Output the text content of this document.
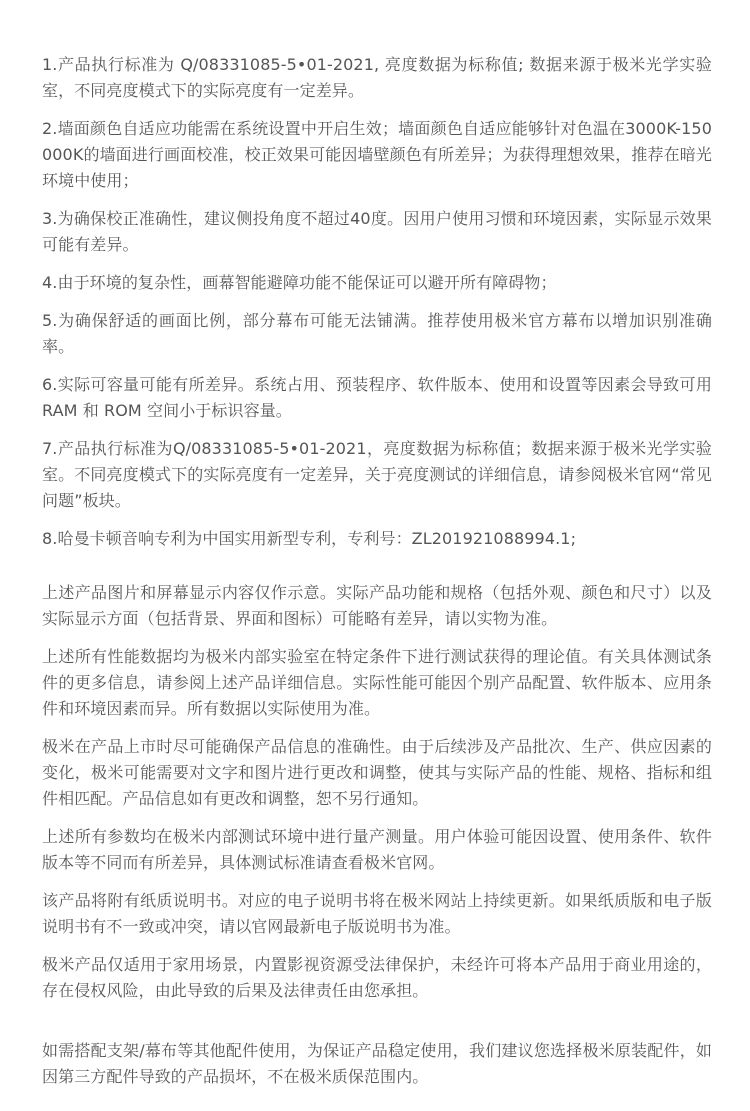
1.产品执行标准为 Q/08331085-5•01-2021, 亮度数据为标称值; 数据来源于极米光学实验室，不同亮度模式下的实际亮度有一定差异。

2.墙面颜色自适应功能需在系统设置中开启生效；墙面颜色自适应能够针对色温在3000K-150000K的墙面进行画面校准，校正效果可能因墙壁颜色有所差异；为获得理想效果，推荐在暗光环境中使用；

3.为确保校正准确性，建议侧投角度不超过40度。因用户使用习惯和环境因素，实际显示效果可能有差异。

4.由于环境的复杂性，画幕智能避障功能不能保证可以避开所有障碍物；

5.为确保舒适的画面比例，部分幕布可能无法铺满。推荐使用极米官方幕布以增加识别准确率。

6.实际可容量可能有所差异。系统占用、预装程序、软件版本、使用和设置等因素会导致可用RAM 和 ROM 空间小于标识容量。

7.产品执行标准为Q/08331085-5•01-2021，亮度数据为标称值；数据来源于极米光学实验室。不同亮度模式下的实际亮度有一定差异，关于亮度测试的详细信息，请参阅极米官网“常见问题”板块。

8.哈曼卡顿音响专利为中国实用新型专利，专利号：ZL201921088994.1;

上述产品图片和屏幕显示内容仅作示意。实际产品功能和规格（包括外观、颜色和尺寸）以及实际显示方面（包括背景、界面和图标）可能略有差异，请以实物为准。

上述所有性能数据均为极米内部实验室在特定条件下进行测试获得的理论值。有关具体测试条件的更多信息，请参阅上述产品详细信息。实际性能可能因个别产品配置、软件版本、应用条件和环境因素而异。所有数据以实际使用为准。

极米在产品上市时尽可能确保产品信息的准确性。由于后续涉及产品批次、生产、供应因素的变化，极米可能需要对文字和图片进行更改和调整，使其与实际产品的性能、规格、指标和组件相匹配。产品信息如有更改和调整，恕不另行通知。

上述所有参数均在极米内部测试环境中进行量产测量。用户体验可能因设置、使用条件、软件版本等不同而有所差异，具体测试标准请查看极米官网。

该产品将附有纸质说明书。对应的电子说明书将在极米网站上持续更新。如果纸质版和电子版说明书有不一致或冲突，请以官网最新电子版说明书为准。

极米产品仅适用于家用场景，内置影视资源受法律保护，未经许可将本产品用于商业用途的，存在侵权风险，由此导致的后果及法律责任由您承担。

如需搭配支架/幕布等其他配件使用，为保证产品稳定使用，我们建议您选择极米原装配件，如因第三方配件导致的产品损坏，不在极米质保范围内。
